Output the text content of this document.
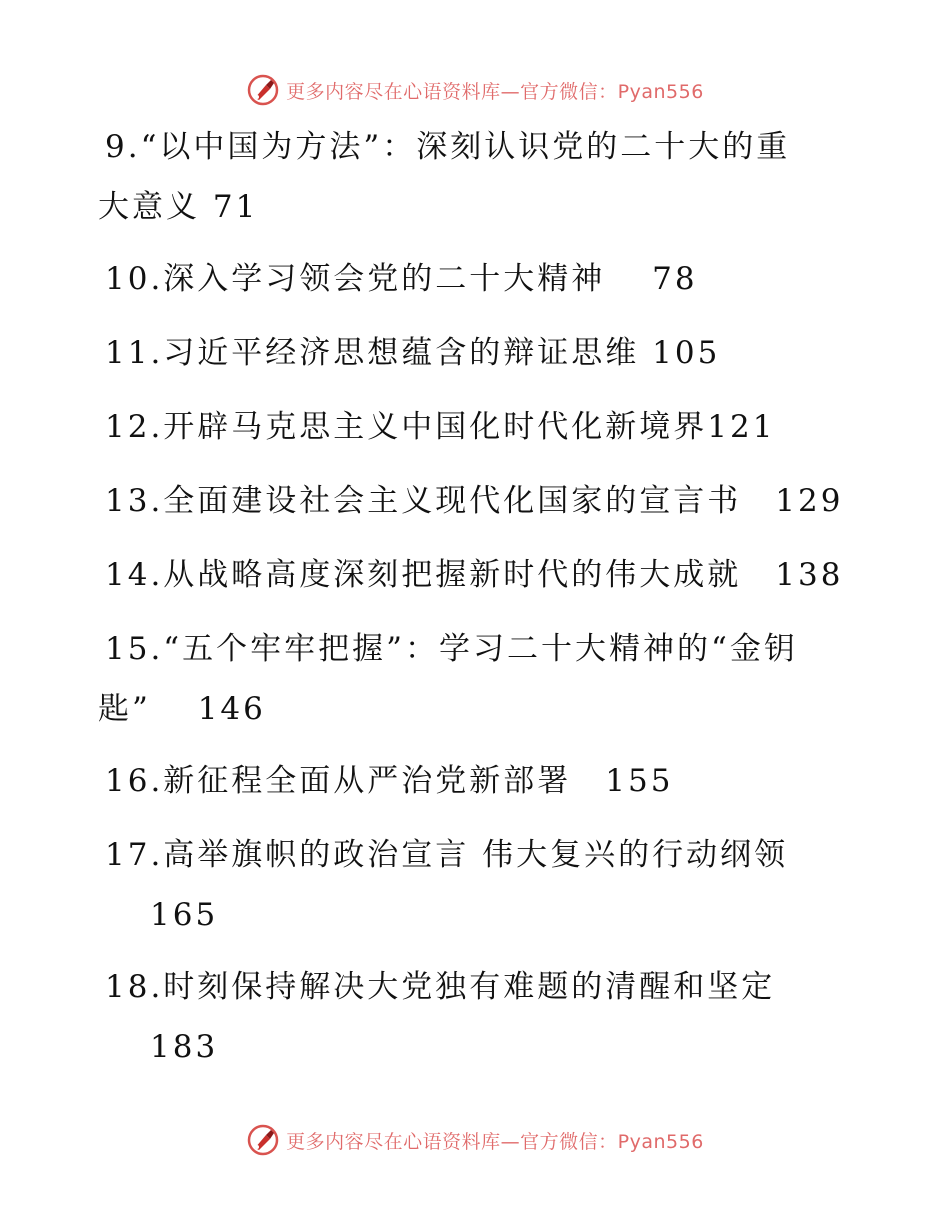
更多内容尽在心语资料库—官方微信：Pyan556
9.“以中国为方法”：深刻认识党的二十大的重
大意义 71
10.深入学习领会党的二十大精神　 78
11.习近平经济思想蕴含的辩证思维 105
12.开辟马克思主义中国化时代化新境界121
13.全面建设社会主义现代化国家的宣言书　129
14.从战略高度深刻把握新时代的伟大成就　138
15.“五个牢牢把握”：学习二十大精神的“金钥
匙”　 146
16.新征程全面从严治党新部署　155
17.高举旗帜的政治宣言 伟大复兴的行动纲领
165
18.时刻保持解决大党独有难题的清醒和坚定
183
更多内容尽在心语资料库—官方微信：Pyan556
